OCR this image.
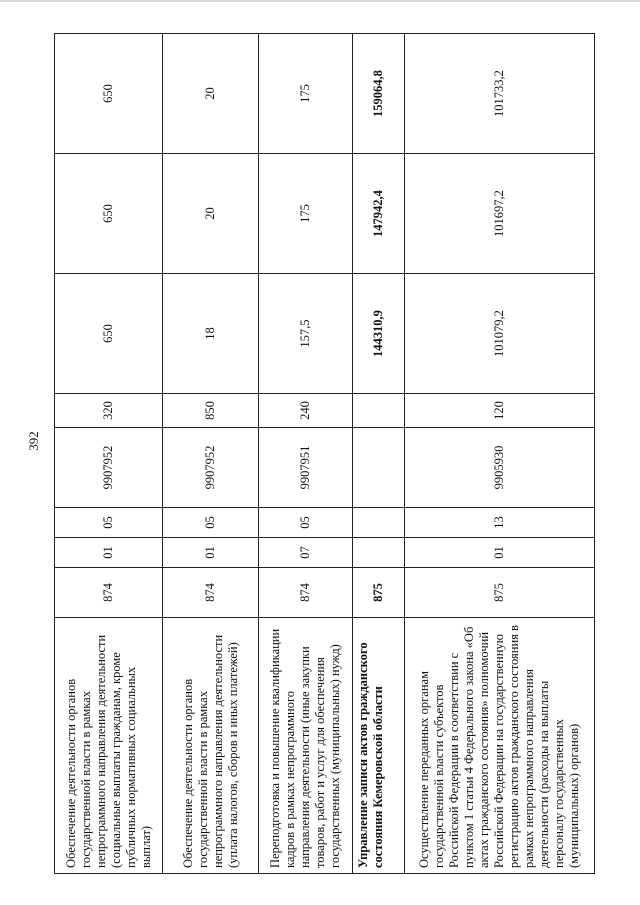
392
Обеспечение деятельности органов государственной власти в рамках непрограммного направления деятельности (социальные выплаты гражданам, кроме публичных нормативных социальных выплат)	874	01	05	9907952	320	650	650	650
Обеспечение деятельности органов государственной власти в рамках непрограммного направления деятельности (уплата налогов, сборов и иных платежей)	874	01	05	9907952	850	18	20	20
Переподготовка и повышение квалификации кадров в рамках непрограммного направления деятельности (иные закупки товаров, работ и услуг для обеспечения государственных (муниципальных) нужд)	874	07	05	9907951	240	157,5	175	175
Управление записи актов гражданского состояния Кемеровской области	875					144310,9	147942,4	159064,8
Осуществление переданных органам государственной власти субъектов Российской Федерации в соответствии с пунктом 1 статьи 4 Федерального закона «Об актах гражданского состояния» полномочий Российской Федерации на государственную регистрацию актов гражданского состояния в рамках непрограммного направления деятельности (расходы на выплаты персоналу государственных (муниципальных) органов)	875	01	13	9905930	120	101079,2	101697,2	101733,2
